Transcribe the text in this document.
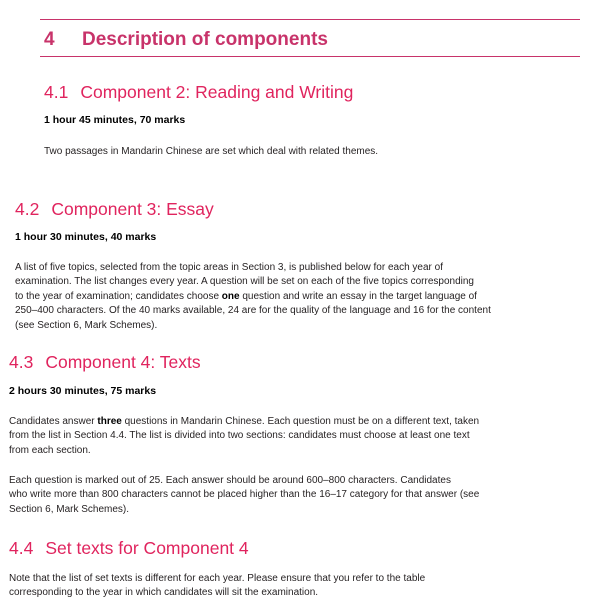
4 Description of components
4.1 Component 2: Reading and Writing
1 hour 45 minutes, 70 marks
Two passages in Mandarin Chinese are set which deal with related themes.
4.2 Component 3: Essay
1 hour 30 minutes, 40 marks
A list of five topics, selected from the topic areas in Section 3, is published below for each year of
examination. The list changes every year. A question will be set on each of the five topics corresponding
to the year of examination; candidates choose one question and write an essay in the target language of
250–400 characters. Of the 40 marks available, 24 are for the quality of the language and 16 for the content
(see Section 6, Mark Schemes).
4.3 Component 4: Texts
2 hours 30 minutes, 75 marks
Candidates answer three questions in Mandarin Chinese. Each question must be on a different text, taken
from the list in Section 4.4. The list is divided into two sections: candidates must choose at least one text
from each section.
Each question is marked out of 25. Each answer should be around 600–800 characters. Candidates
who write more than 800 characters cannot be placed higher than the 16–17 category for that answer (see
Section 6, Mark Schemes).
4.4 Set texts for Component 4
Note that the list of set texts is different for each year. Please ensure that you refer to the table
corresponding to the year in which candidates will sit the examination.
